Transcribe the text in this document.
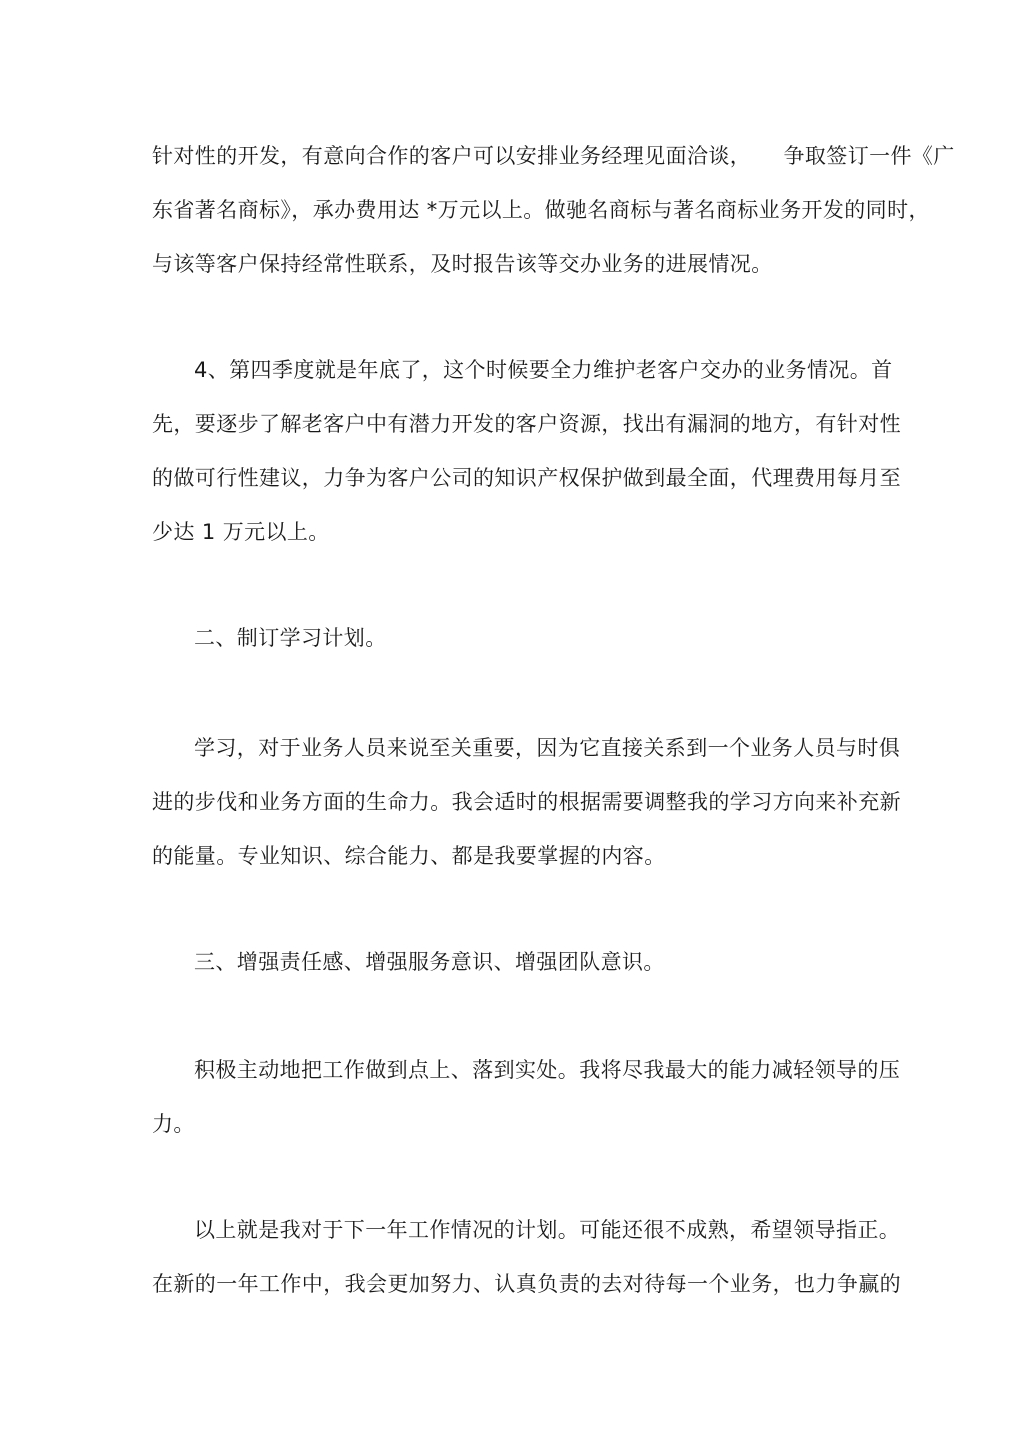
针对性的开发，有意向合作的客户可以安排业务经理见面洽谈，　　争取签订一件《广
东省著名商标》，承办费用达 *万元以上。做驰名商标与著名商标业务开发的同时，
与该等客户保持经常性联系，及时报告该等交办业务的进展情况。
4、第四季度就是年底了，这个时候要全力维护老客户交办的业务情况。首
先，要逐步了解老客户中有潜力开发的客户资源，找出有漏洞的地方，有针对性
的做可行性建议，力争为客户公司的知识产权保护做到最全面，代理费用每月至
少达 1 万元以上。
二、制订学习计划。
学习，对于业务人员来说至关重要，因为它直接关系到一个业务人员与时俱
进的步伐和业务方面的生命力。我会适时的根据需要调整我的学习方向来补充新
的能量。专业知识、综合能力、都是我要掌握的内容。
三、增强责任感、增强服务意识、增强团队意识。
积极主动地把工作做到点上、落到实处。我将尽我最大的能力减轻领导的压
力。
以上就是我对于下一年工作情况的计划。可能还很不成熟，希望领导指正。
在新的一年工作中，我会更加努力、认真负责的去对待每一个业务，也力争赢的
